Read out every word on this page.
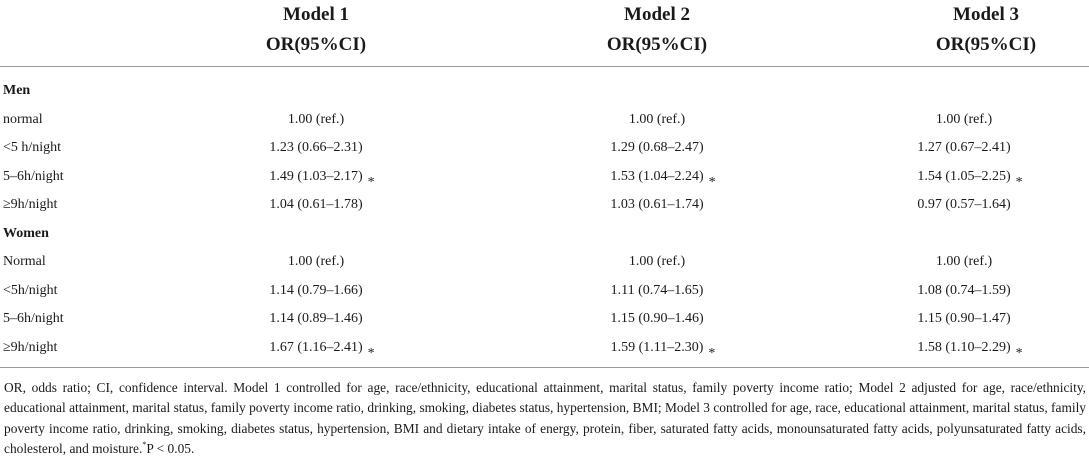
Model 1
OR(95%CI)
Model 2
OR(95%CI)
Model 3
OR(95%CI)
Men
normal	1.00 (ref.)	1.00 (ref.)	1.00 (ref.)
<5 h/night	1.23 (0.66–2.31)	1.29 (0.68–2.47)	1.27 (0.67–2.41)
5–6h/night	1.49 (1.03–2.17) *	1.53 (1.04–2.24) *	1.54 (1.05–2.25) *
≥9h/night	1.04 (0.61–1.78)	1.03 (0.61–1.74)	0.97 (0.57–1.64)
Women
Normal	1.00 (ref.)	1.00 (ref.)	1.00 (ref.)
<5h/night	1.14 (0.79–1.66)	1.11 (0.74–1.65)	1.08 (0.74–1.59)
5–6h/night	1.14 (0.89–1.46)	1.15 (0.90–1.46)	1.15 (0.90–1.47)
≥9h/night	1.67 (1.16–2.41) *	1.59 (1.11–2.30) *	1.58 (1.10–2.29) *

OR, odds ratio; CI, confidence interval. Model 1 controlled for age, race/ethnicity, educational attainment, marital status, family poverty income ratio; Model 2 adjusted for age, race/ethnicity, educational attainment, marital status, family poverty income ratio, drinking, smoking, diabetes status, hypertension, BMI; Model 3 controlled for age, race, educational attainment, marital status, family poverty income ratio, drinking, smoking, diabetes status, hypertension, BMI and dietary intake of energy, protein, fiber, saturated fatty acids, monounsaturated fatty acids, polyunsaturated fatty acids, cholesterol, and moisture.*P < 0.05.
